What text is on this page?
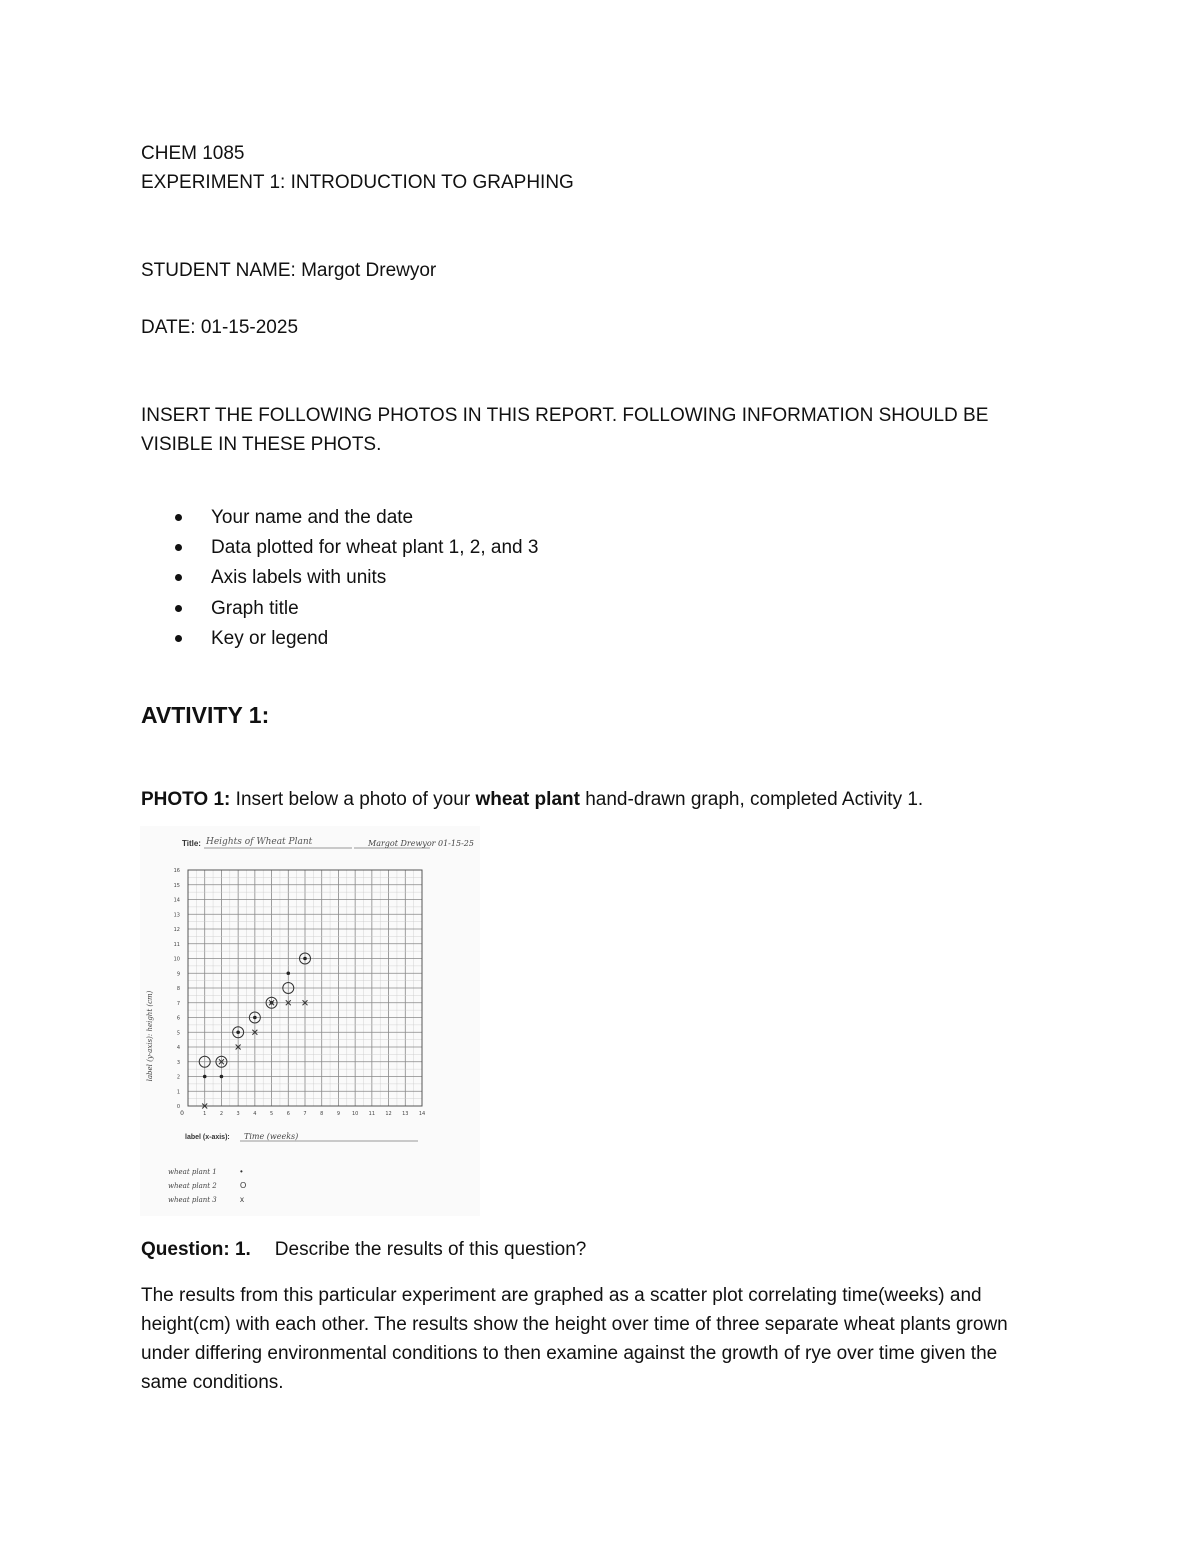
CHEM 1085
EXPERIMENT 1: INTRODUCTION TO GRAPHING
STUDENT NAME: Margot Drewyor
DATE: 01-15-2025
INSERT THE FOLLOWING PHOTOS IN THIS REPORT. FOLLOWING INFORMATION SHOULD BE
VISIBLE IN THESE PHOTS.
Your name and the date
Data plotted for wheat plant 1, 2, and 3
Axis labels with units
Graph title
Key or legend
AVTIVITY 1:
PHOTO 1: Insert below a photo of your wheat plant hand-drawn graph, completed Activity 1.
Title: Heights of Wheat Plant	Margot Drewyor 01-15-25
0
1
2
3
4
5
6
7
8
9
10
11
12
13
14
15
16
1	2	3	4	5	6	7	8	9 10 11 12 13 14
0
label (y-axis): height (cm)
label (x-axis): Time (weeks)
wheat plant 1	•
wheat plant 2	O
wheat plant 3	x
Question: 1. Describe the results of this question?
The results from this particular experiment are graphed as a scatter plot correlating time(weeks) and height(cm) with each other. The results show the height over time of three separate wheat plants grown under differing environmental conditions to then examine against the growth of rye over time given the same conditions.
